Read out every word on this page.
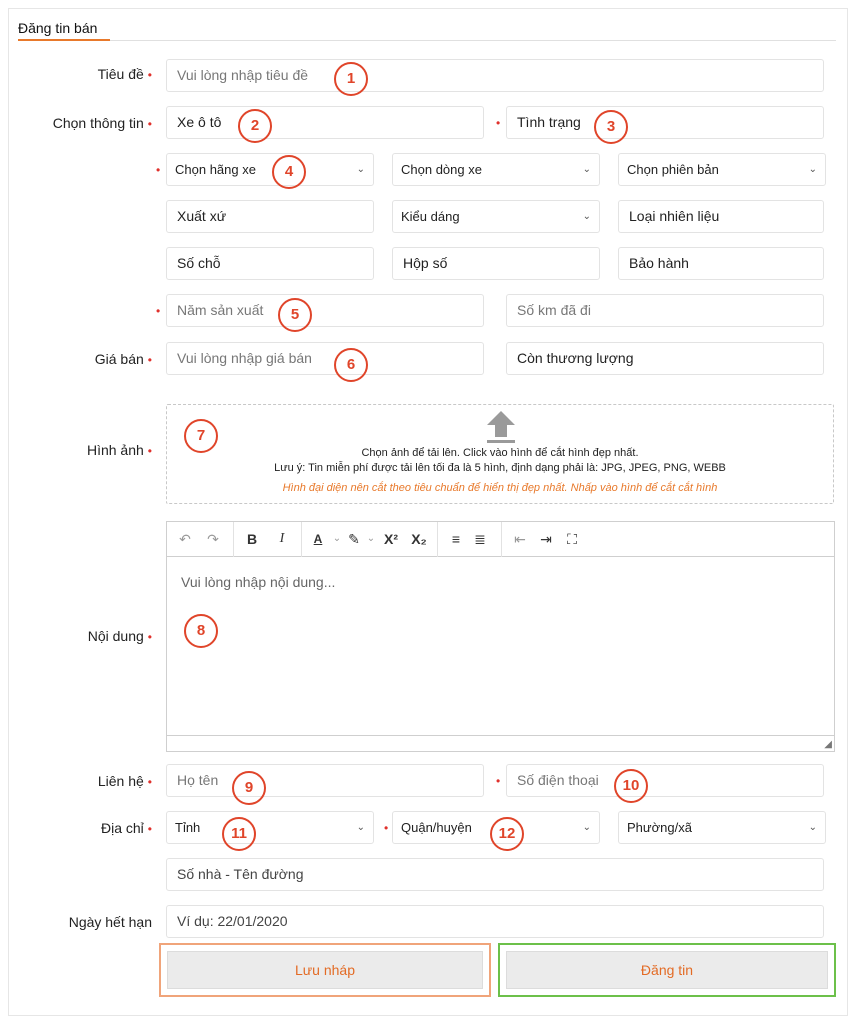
Đăng tin bán
Tiêu đề •	Vui lòng nhập tiêu đề	1
Chọn thông tin •	Xe ô tô	2	•	Tình trạng	3
•	Chọn hãng xe	⌄
4	Chọn dòng xe	⌄	Chọn phiên bản	⌄
Xuất xứ	Kiểu dáng	⌄	Loại nhiên liệu
Số chỗ	Hộp số	Bảo hành
•	Năm sản xuất	5	Số km đã đi
Giá bán •	Vui lòng nhập giá bán	6	Còn thương lượng
Hình ảnh •	Chọn ảnh để tải lên. Click vào hình để cắt hình đẹp nhất.
Lưu ý: Tin miễn phí được tải lên tối đa là 5 hình, định dạng phải là: JPG, JPEG, PNG, WEBB
Hình đại diện nên cắt theo tiêu chuẩn để hiển thị đẹp nhất. Nhấp vào hình để cắt cắt hình
7
Nội dung •
↶ ↷ B	I	A	⌄ ✎ ⌄ X² X₂	≡	≣ ⇤ ⇥ ⛶
Vui lòng nhập nội dung...
◢
8
Liên hệ •	Họ tên	9	•	Số điện thoại	10
Địa chỉ •	Tỉnh	⌄
11	• Quận/huyện	⌄
12	Phường/xã	⌄
Số nhà - Tên đường
Ngày hết hạn	Ví dụ: 22/01/2020
Lưu nháp	Đăng tin
